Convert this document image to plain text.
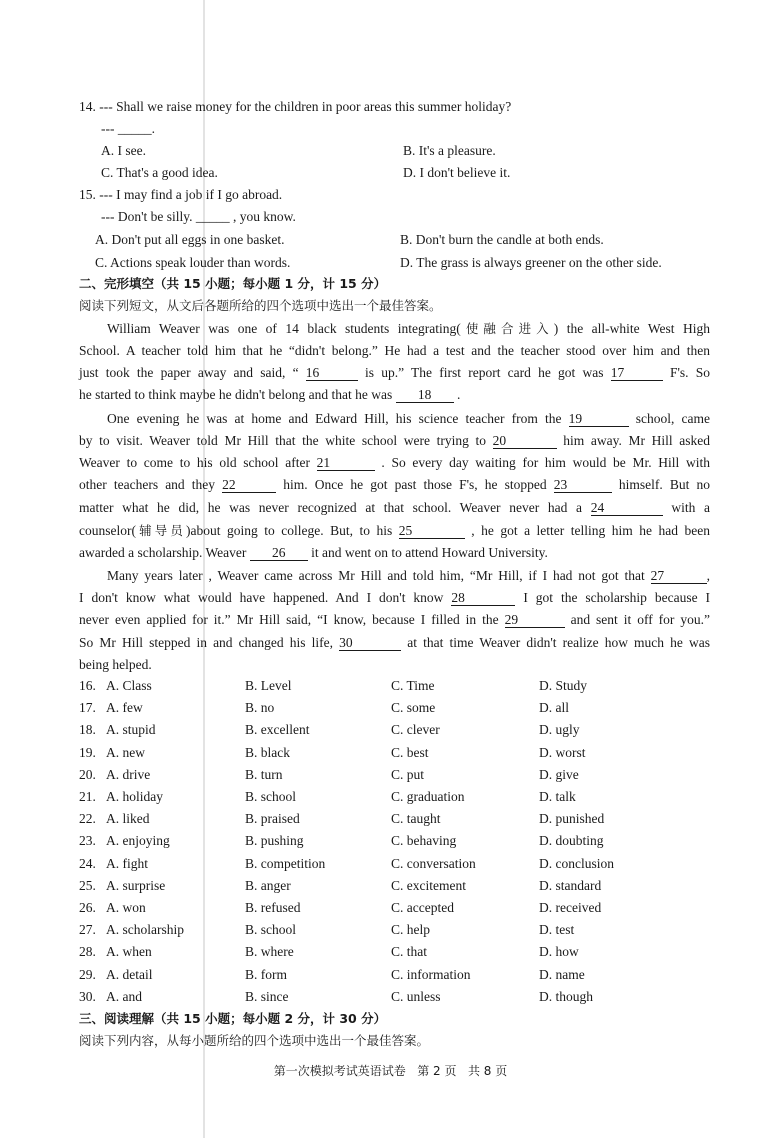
14. --- Shall we raise money for the children in poor areas this summer holiday?
--- _____.
A. I see.	B. It's a pleasure.
C. That's a good idea.	D. I don't believe it.
15. --- I may find a job if I go abroad.
--- Don't be silly. _____ , you know.
A. Don't put all eggs in one basket.	B. Don't burn the candle at both ends.
C. Actions speak louder than words.	D. The grass is always greener on the other side.
二、完形填空（共 15 小题；每小题 1 分，计 15 分）
阅读下列短文，从文后各题所给的四个选项中选出一个最佳答案。
William Weaver was one of 14 black students integrating(使融合进入) the all-white West High
School. A teacher told him that he “didn't belong.” He had a test and the teacher stood over him and then
just took the paper away and said, “ 16	is up.” The first report card he got was 17	F's. So
he started to think maybe he didn't belong and that he was 18 .
One evening he was at home and Edward Hill, his science teacher from the 19	school, came
by to visit. Weaver told Mr Hill that the white school were trying to 20	him away. Mr Hill asked
Weaver to come to his old school after 21	. So every day waiting for him would be Mr. Hill with
other teachers and they 22	him. Once he got past those F's, he stopped 23	himself. But no
matter what he did, he was never recognized at that school. Weaver never had a 24	with a
counselor(辅导员)about going to college. But, to his 25	, he got a letter telling him he had been
awarded a scholarship. Weaver 26 it and went on to attend Howard University.
Many years later , Weaver came across Mr Hill and told him, “Mr Hill, if I had not got that 27	,
I don't know what would have happened. And I don't know 28	I got the scholarship because I
never even applied for it.” Mr Hill said, “I know, because I filled in the 29	and sent it off for you.”
So Mr Hill stepped in and changed his life, 30	at that time Weaver didn't realize how much he was
being helped.
16. A. Class	B. Level	C. Time	D. Study
17. A. few	B. no	C. some	D. all
18. A. stupid	B. excellent	C. clever	D. ugly
19. A. new	B. black	C. best	D. worst
20. A. drive	B. turn	C. put	D. give
21. A. holiday	B. school	C. graduation	D. talk
22. A. liked	B. praised	C. taught	D. punished
23. A. enjoying	B. pushing	C. behaving	D. doubting
24. A. fight	B. competition	C. conversation	D. conclusion
25. A. surprise	B. anger	C. excitement	D. standard
26. A. won	B. refused	C. accepted	D. received
27. A. scholarship	B. school	C. help	D. test
28. A. when	B. where	C. that	D. how
29. A. detail	B. form	C. information	D. name
30. A. and	B. since	C. unless	D. though
三、阅读理解（共 15 小题；每小题 2 分，计 30 分）
阅读下列内容，从每小题所给的四个选项中选出一个最佳答案。
第一次模拟考试英语试卷 第 2 页 共 8 页
